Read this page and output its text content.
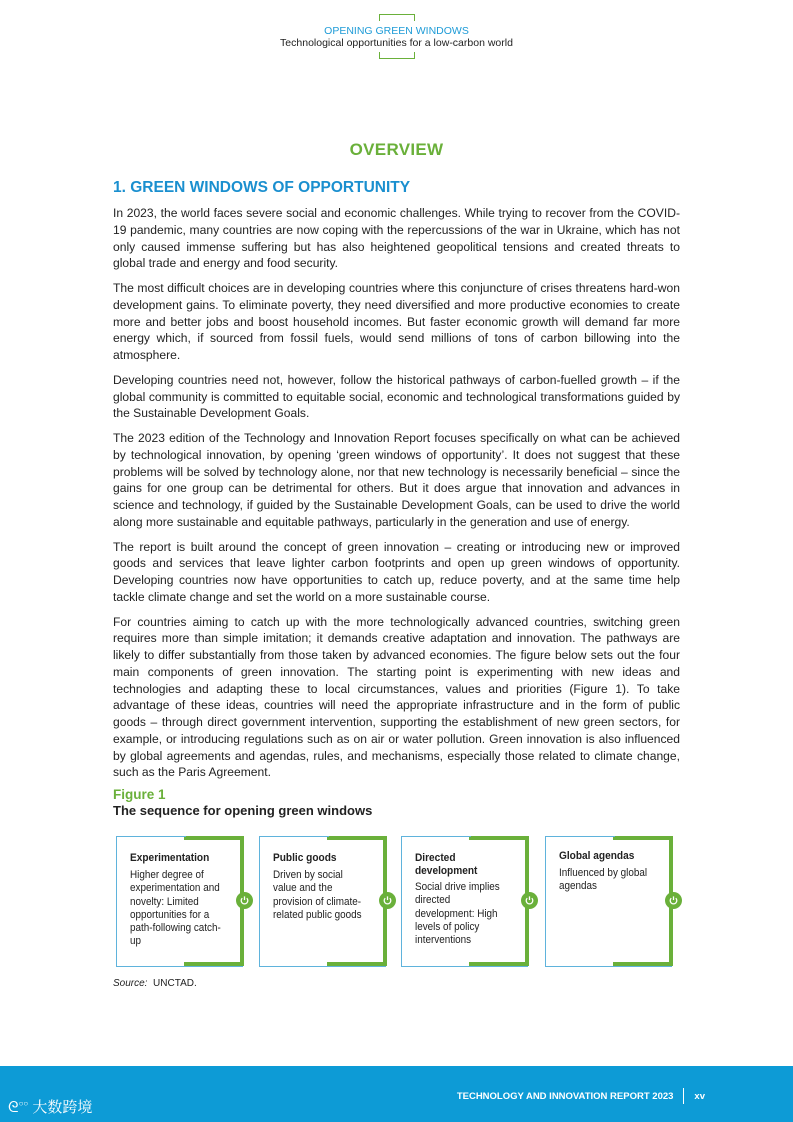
OPENING GREEN WINDOWS
Technological opportunities for a low-carbon world
OVERVIEW
1. GREEN WINDOWS OF OPPORTUNITY

In 2023, the world faces severe social and economic challenges. While trying to recover from the COVID-19 pandemic, many countries are now coping with the repercussions of the war in Ukraine, which has not only caused immense suffering but has also heightened geopolitical tensions and created threats to global trade and energy and food security.

The most difficult choices are in developing countries where this conjuncture of crises threatens hard-won development gains. To eliminate poverty, they need diversified and more productive economies to create more and better jobs and boost household incomes. But faster economic growth will demand far more energy which, if sourced from fossil fuels, would send millions of tons of carbon billowing into the atmosphere.

Developing countries need not, however, follow the historical pathways of carbon-fuelled growth – if the global community is committed to equitable social, economic and technological transformations guided by the Sustainable Development Goals.

The 2023 edition of the Technology and Innovation Report focuses specifically on what can be achieved by technological innovation, by opening ‘green windows of opportunity’. It does not suggest that these problems will be solved by technology alone, nor that new technology is necessarily beneficial – since the gains for one group can be detrimental for others. But it does argue that innovation and advances in science and technology, if guided by the Sustainable Development Goals, can be used to drive the world along more sustainable and equitable pathways, particularly in the generation and use of energy.

The report is built around the concept of green innovation – creating or introducing new or improved goods and services that leave lighter carbon footprints and open up green windows of opportunity. Developing countries now have opportunities to catch up, reduce poverty, and at the same time help tackle climate change and set the world on a more sustainable course.

For countries aiming to catch up with the more technologically advanced countries, switching green requires more than simple imitation; it demands creative adaptation and innovation. The pathways are likely to differ substantially from those taken by advanced economies. The figure below sets out the four main components of green innovation. The starting point is experimenting with new ideas and technologies and adapting these to local circumstances, values and priorities (Figure 1). To take advantage of these ideas, countries will need the appropriate infrastructure and in the form of public goods – through direct government intervention, supporting the establishment of new green sectors, for example, or introducing regulations such as on air or water pollution. Green innovation is also influenced by global agreements and agendas, rules, and mechanisms, especially those related to climate change, such as the Paris Agreement.

Figure 1
The sequence for opening green windows
Experimentation
Higher degree of experimentation and novelty: Limited opportunities for a path-following catch-up
Public goods
Driven by social value and the provision of climate-related public goods
Directed development
Social drive implies directed development: High levels of policy interventions
Global agendas
Influenced by global agendas
Source: UNCTAD.
ᘓ○○ 大数跨境
TECHNOLOGY AND INNOVATION REPORT
2023 xv
